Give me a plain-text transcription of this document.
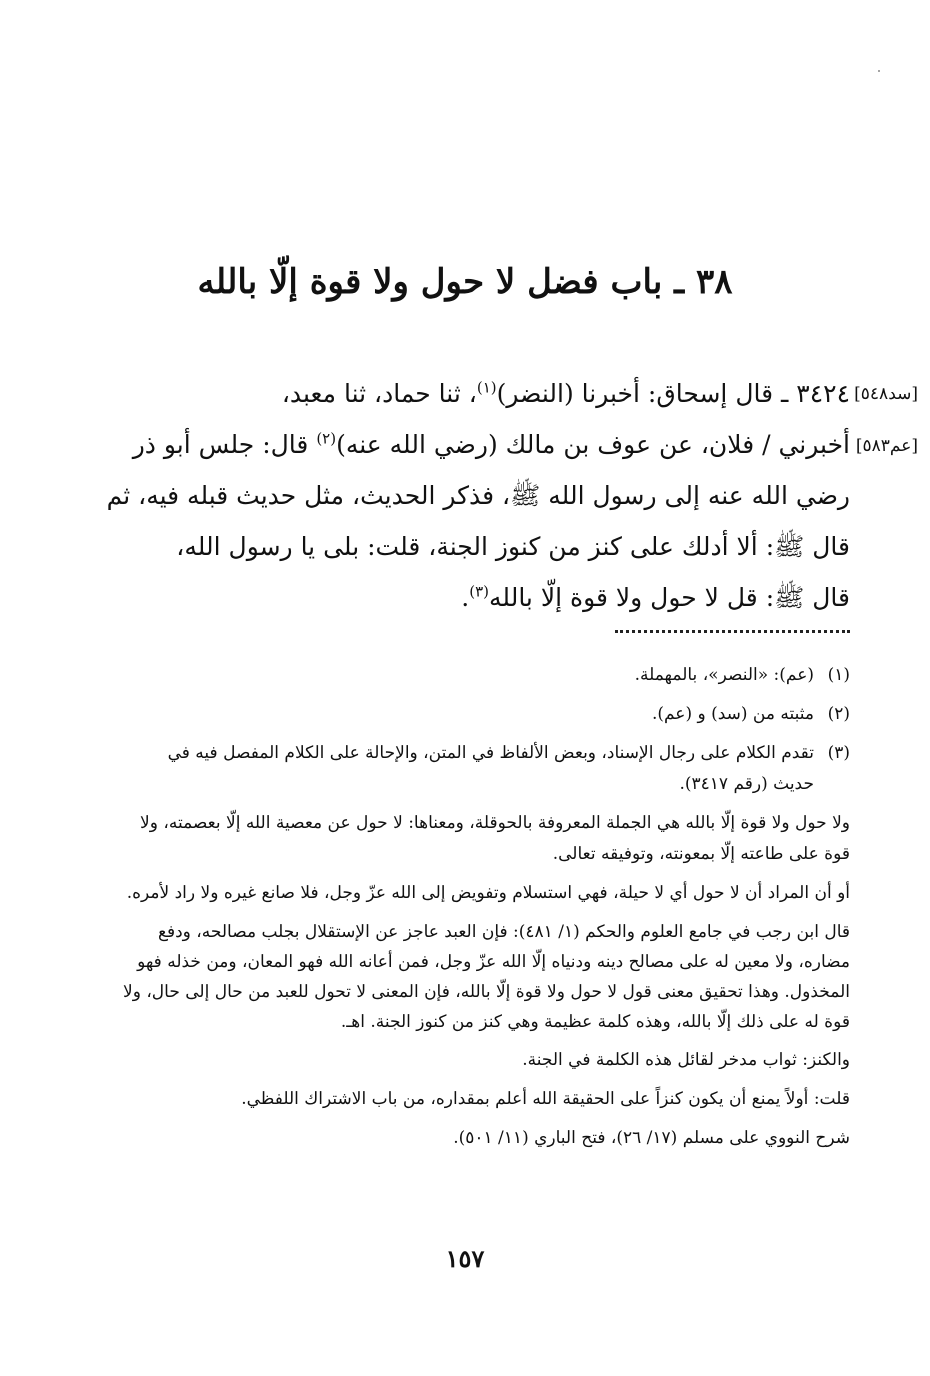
٣٨ ـ باب فضل لا حول ولا قوة إلّا بالله
٣٤٢٤ ـ قال إسحاق: أخبرنا (النضر)$^{(١)}$، ثنا حماد، ثنا معبد،
أخبرني / فلان، عن عوف بن مالك (رضي الله عنه)$^{(٢)}$ قال: جلس أبو ذر
رضي الله عنه إلى رسول الله ﷺ، فذكر الحديث، مثل حديث قبله فيه، ثم
قال ﷺ: ألا أدلك على كنز من كنوز الجنة، قلت: بلى يا رسول الله،
قال ﷺ: قل لا حول ولا قوة إلّا بالله$^{(٣)}$.
[سد٥٤٨]
[عم٥٨٣]
(١)
(عم): «النصر»، بالمهملة.
(٢)
مثبته من (سد) و (عم).
(٣)
تقدم الكلام على رجال الإسناد، وبعض الألفاظ في المتن، والإحالة على الكلام المفصل فيه في حديث (رقم ٣٤١٧).
ولا حول ولا قوة إلّا بالله هي الجملة المعروفة بالحوقلة، ومعناها: لا حول عن معصية الله إلّا بعصمته، ولا قوة على طاعته إلّا بمعونته، وتوفيقه تعالى.
أو أن المراد أن لا حول أي لا حيلة، فهي استسلام وتفويض إلى الله عزّ وجل، فلا صانع غيره ولا راد لأمره.
قال ابن رجب في جامع العلوم والحكم (١/ ٤٨١): فإن العبد عاجز عن الإستقلال بجلب مصالحه، ودفع مضاره، ولا معين له على مصالح دينه ودنياه إلّا الله عزّ وجل، فمن أعانه الله فهو المعان، ومن خذله فهو المخذول. وهذا تحقيق معنى قول لا حول ولا قوة إلّا بالله، فإن المعنى لا تحول للعبد من حال إلى حال، ولا قوة له على ذلك إلّا بالله، وهذه كلمة عظيمة وهي كنز من كنوز الجنة. اهـ.
والكنز: ثواب مدخر لقائل هذه الكلمة في الجنة.
قلت: أولاً يمنع أن يكون كنزاً على الحقيقة الله أعلم بمقداره، من باب الاشتراك اللفظي.
شرح النووي على مسلم (١٧/ ٢٦)، فتح الباري (١١/ ٥٠١).
١٥٧
